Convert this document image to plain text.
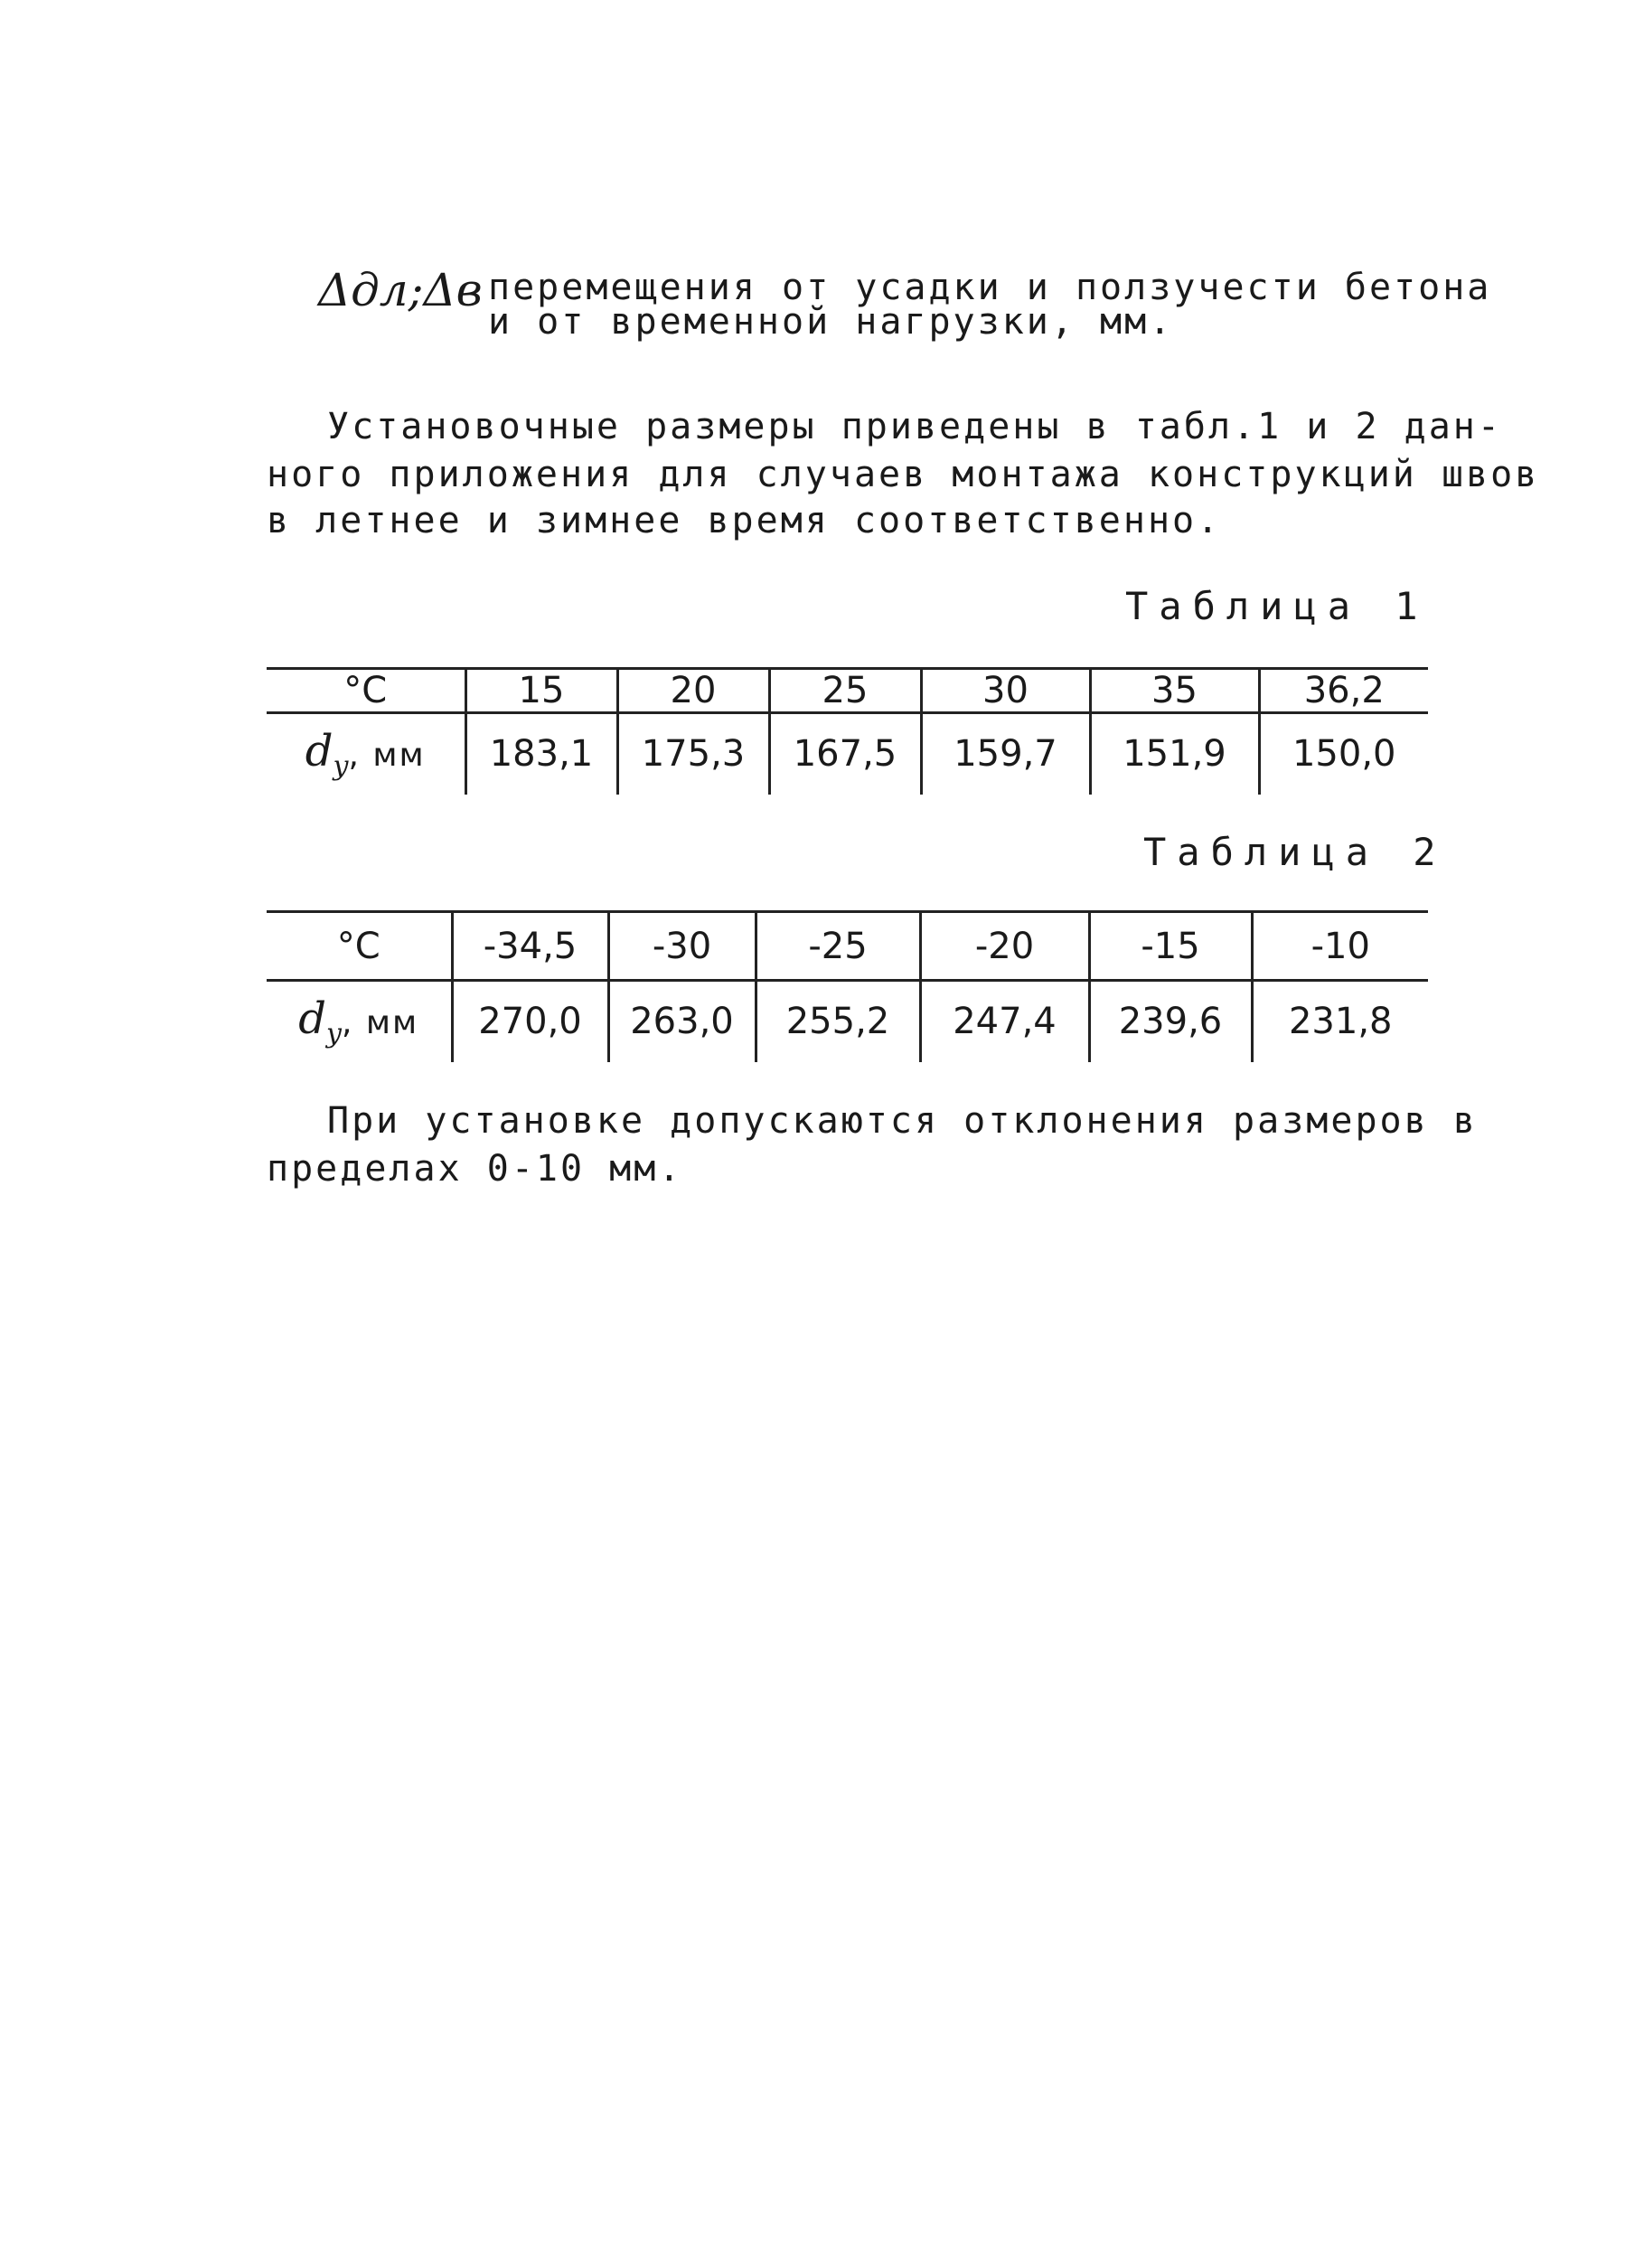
Δдл;Δв перемещения от усадки и ползучести бетона
и от временной нагрузки, мм.
Установочные размеры приведены в табл.1 и 2 дан-
ного приложения для случаев монтажа конструкций швов
в летнее и зимнее время соответственно.
Таблица 1
°C	15	20	25	30	35	36,2
$d_y$, мм	183,1	175,3	167,5	159,7	151,9	150,0
Таблица 2
°C	-34,5	-30	-25	-20	-15	-10
$d_y$, мм	270,0	263,0	255,2	247,4	239,6	231,8
При установке допускаются отклонения размеров в
пределах 0-10 мм.
